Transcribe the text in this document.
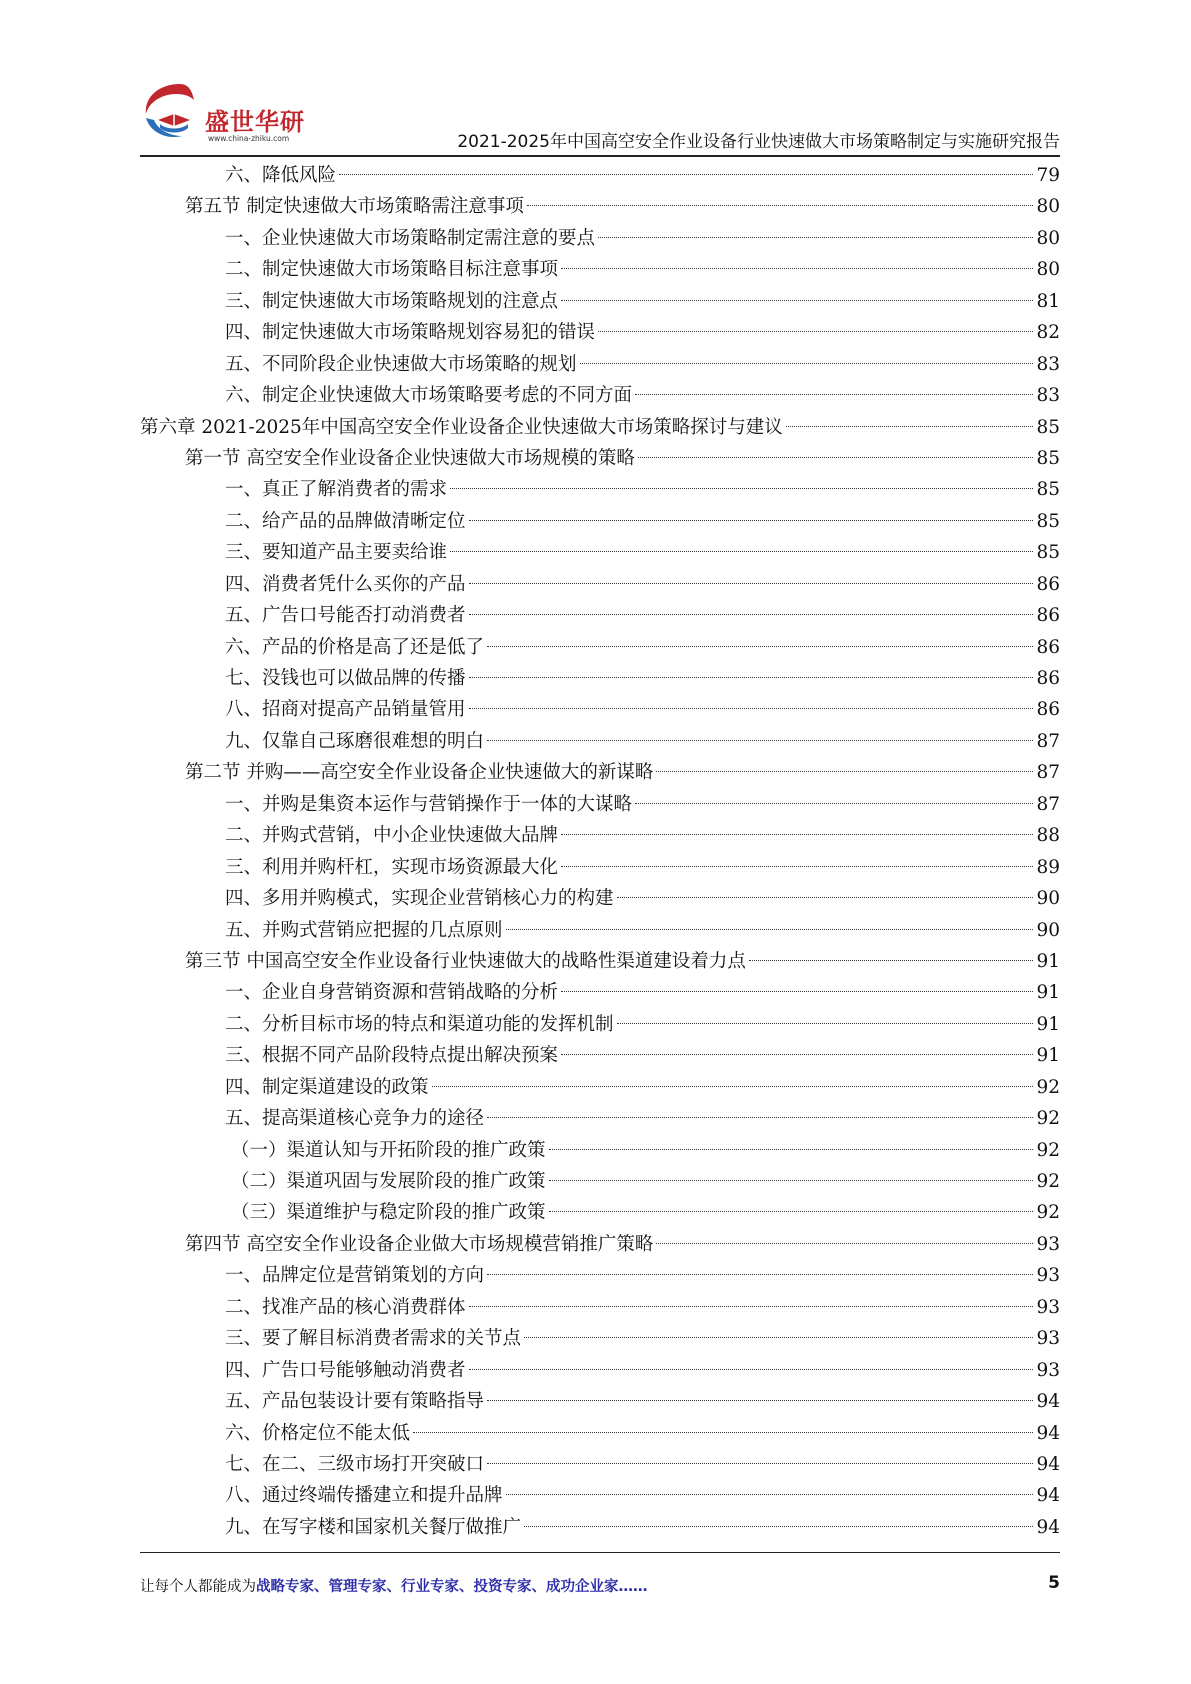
盛世华研
www.china-zhiku.com	2021-2025年中国高空安全作业设备行业快速做大市场策略制定与实施研究报告
六、降低风险	79
第五节 制定快速做大市场策略需注意事项	80
一、企业快速做大市场策略制定需注意的要点	80
二、制定快速做大市场策略目标注意事项	80
三、制定快速做大市场策略规划的注意点	81
四、制定快速做大市场策略规划容易犯的错误	82
五、不同阶段企业快速做大市场策略的规划	83
六、制定企业快速做大市场策略要考虑的不同方面	83
第六章 2021-2025年中国高空安全作业设备企业快速做大市场策略探讨与建议	85
第一节 高空安全作业设备企业快速做大市场规模的策略	85
一、真正了解消费者的需求	85
二、给产品的品牌做清晰定位	85
三、要知道产品主要卖给谁	85
四、消费者凭什么买你的产品	86
五、广告口号能否打动消费者	86
六、产品的价格是高了还是低了	86
七、没钱也可以做品牌的传播	86
八、招商对提高产品销量管用	86
九、仅靠自己琢磨很难想的明白	87
第二节 并购——高空安全作业设备企业快速做大的新谋略	87
一、并购是集资本运作与营销操作于一体的大谋略	87
二、并购式营销，中小企业快速做大品牌	88
三、利用并购杆杠，实现市场资源最大化	89
四、多用并购模式，实现企业营销核心力的构建	90
五、并购式营销应把握的几点原则	90
第三节 中国高空安全作业设备行业快速做大的战略性渠道建设着力点	91
一、企业自身营销资源和营销战略的分析	91
二、分析目标市场的特点和渠道功能的发挥机制	91
三、根据不同产品阶段特点提出解决预案	91
四、制定渠道建设的政策	92
五、提高渠道核心竞争力的途径	92
（一）渠道认知与开拓阶段的推广政策	92
（二）渠道巩固与发展阶段的推广政策	92
（三）渠道维护与稳定阶段的推广政策	92
第四节 高空安全作业设备企业做大市场规模营销推广策略	93
一、品牌定位是营销策划的方向	93
二、找准产品的核心消费群体	93
三、要了解目标消费者需求的关节点	93
四、广告口号能够触动消费者	93
五、产品包装设计要有策略指导	94
六、价格定位不能太低	94
七、在二、三级市场打开突破口	94
八、通过终端传播建立和提升品牌	94
九、在写字楼和国家机关餐厅做推广	94
让每个人都能成为战略专家、管理专家、行业专家、投资专家、成功企业家……	5
